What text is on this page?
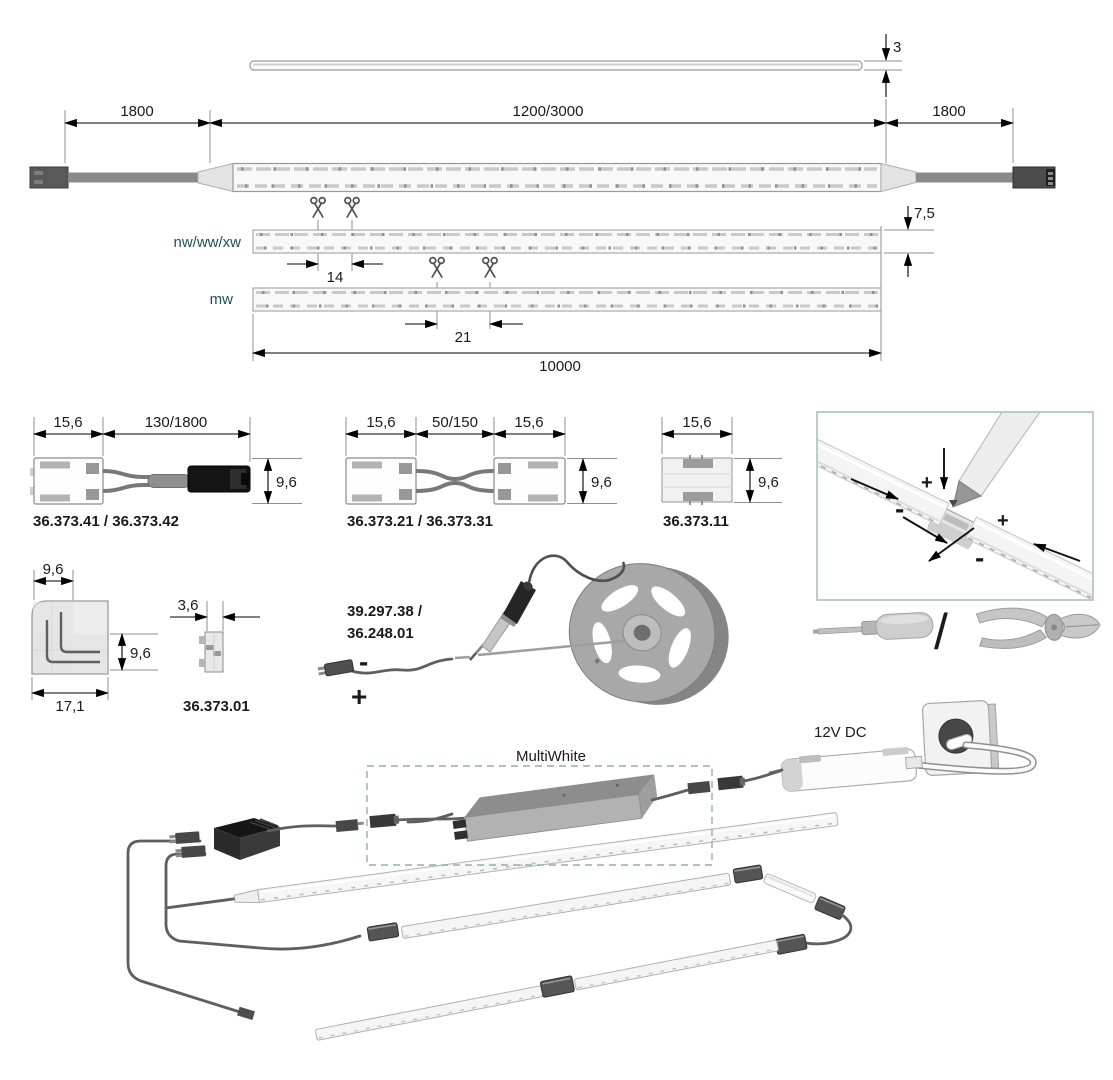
3
1800	1200/3000	1800
nw/ww/xw
14
mw
21
10000
7,5
15,6	130/1800
9,6
36.373.41 / 36.373.42
15,6 50/150 15,6
9,6
36.373.21 / 36.373.31
15,6
9,6
36.373.11
+
-	+
-
/
9,6
9,6
17,1
3,6
36.373.01
39.297.38 /
36.248.01
-
+
MultiWhite
12V DC
